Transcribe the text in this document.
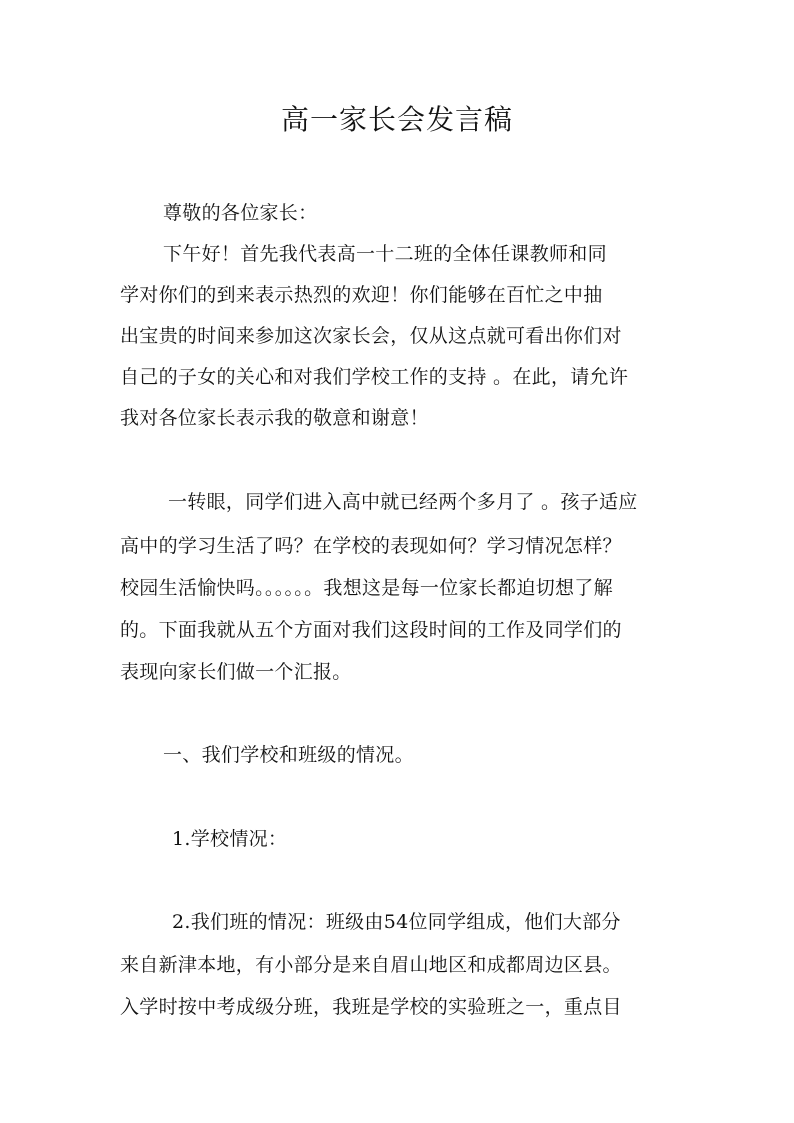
高一家长会发言稿
尊敬的各位家长：
下午好！首先我代表高一十二班的全体任课教师和同
学对你们的到来表示热烈的欢迎！你们能够在百忙之中抽
出宝贵的时间来参加这次家长会，仅从这点就可看出你们对
自己的子女的关心和对我们学校工作的支持 。在此，请允许
我对各位家长表示我的敬意和谢意！
一转眼，同学们进入高中就已经两个多月了 。孩子适应
高中的学习生活了吗？在学校的表现如何？学习情况怎样？
校园生活愉快吗。。。。。。我想这是每一位家长都迫切想了解
的。下面我就从五个方面对我们这段时间的工作及同学们的
表现向家长们做一个汇报。
一、我们学校和班级的情况。
1.学校情况：
2.我们班的情况：班级由54位同学组成，他们大部分
来自新津本地，有小部分是来自眉山地区和成都周边区县。
入学时按中考成级分班，我班是学校的实验班之一，重点目
